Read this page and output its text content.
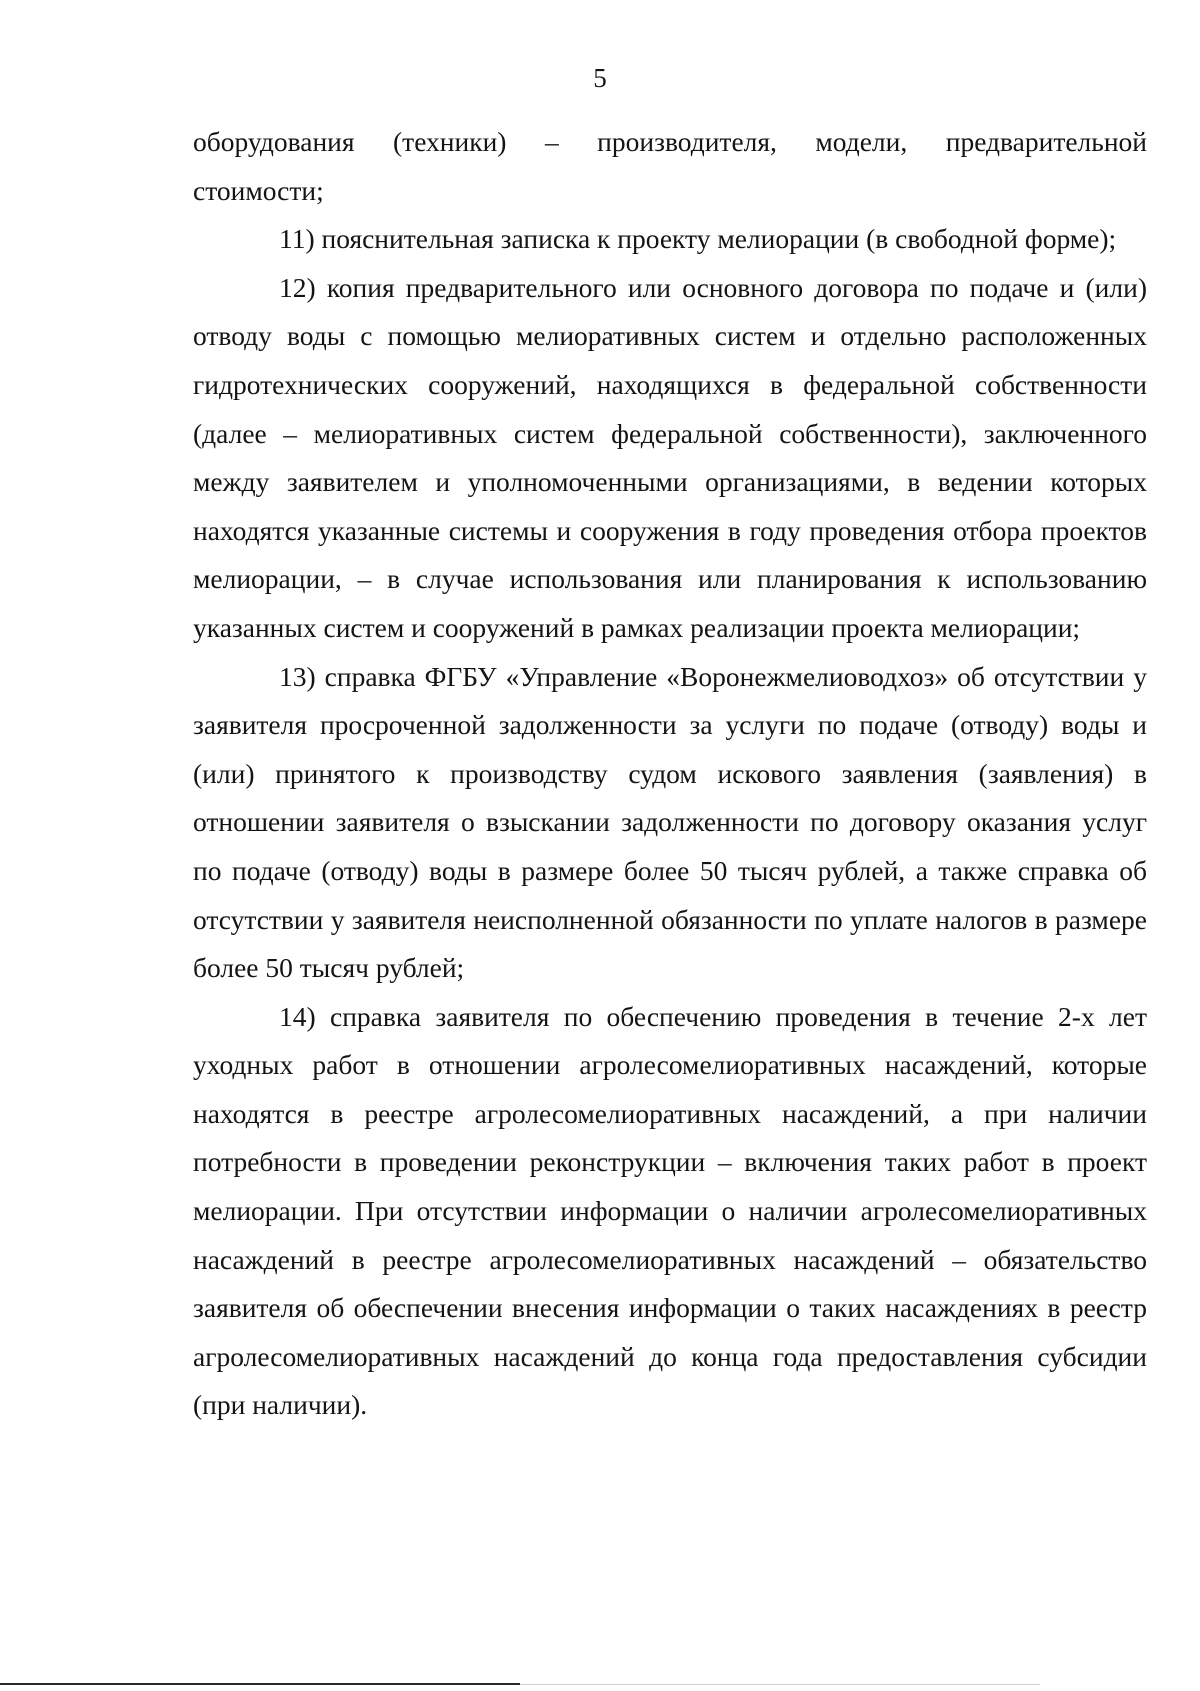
5

оборудования (техники) – производителя, модели, предварительной стоимости;

11) пояснительная записка к проекту мелиорации (в свободной форме);

12) копия предварительного или основного договора по подаче и (или) отводу воды с помощью мелиоративных систем и отдельно расположенных гидротехнических сооружений, находящихся в федеральной собственности (далее – мелиоративных систем федеральной собственности), заключенного между заявителем и уполномоченными организациями, в ведении которых находятся указанные системы и сооружения в году проведения отбора проектов мелиорации, – в случае использования или планирования к использованию указанных систем и сооружений в рамках реализации проекта мелиорации;

13) справка ФГБУ «Управление «Воронежмелиоводхоз» об отсутствии у заявителя просроченной задолженности за услуги по подаче (отводу) воды и (или) принятого к производству судом искового заявления (заявления) в отношении заявителя о взыскании задолженности по договору оказания услуг по подаче (отводу) воды в размере более 50 тысяч рублей, а также справка об отсутствии у заявителя неисполненной обязанности по уплате налогов в размере более 50 тысяч рублей;

14) справка заявителя по обеспечению проведения в течение 2-х лет уходных работ в отношении агролесомелиоративных насаждений, которые находятся в реестре агролесомелиоративных насаждений, а при наличии потребности в проведении реконструкции – включения таких работ в проект мелиорации. При отсутствии информации о наличии агролесомелиоративных насаждений в реестре агролесомелиоративных насаждений – обязательство заявителя об обеспечении внесения информации о таких насаждениях в реестр агролесомелиоративных насаждений до конца года предоставления субсидии (при наличии).
